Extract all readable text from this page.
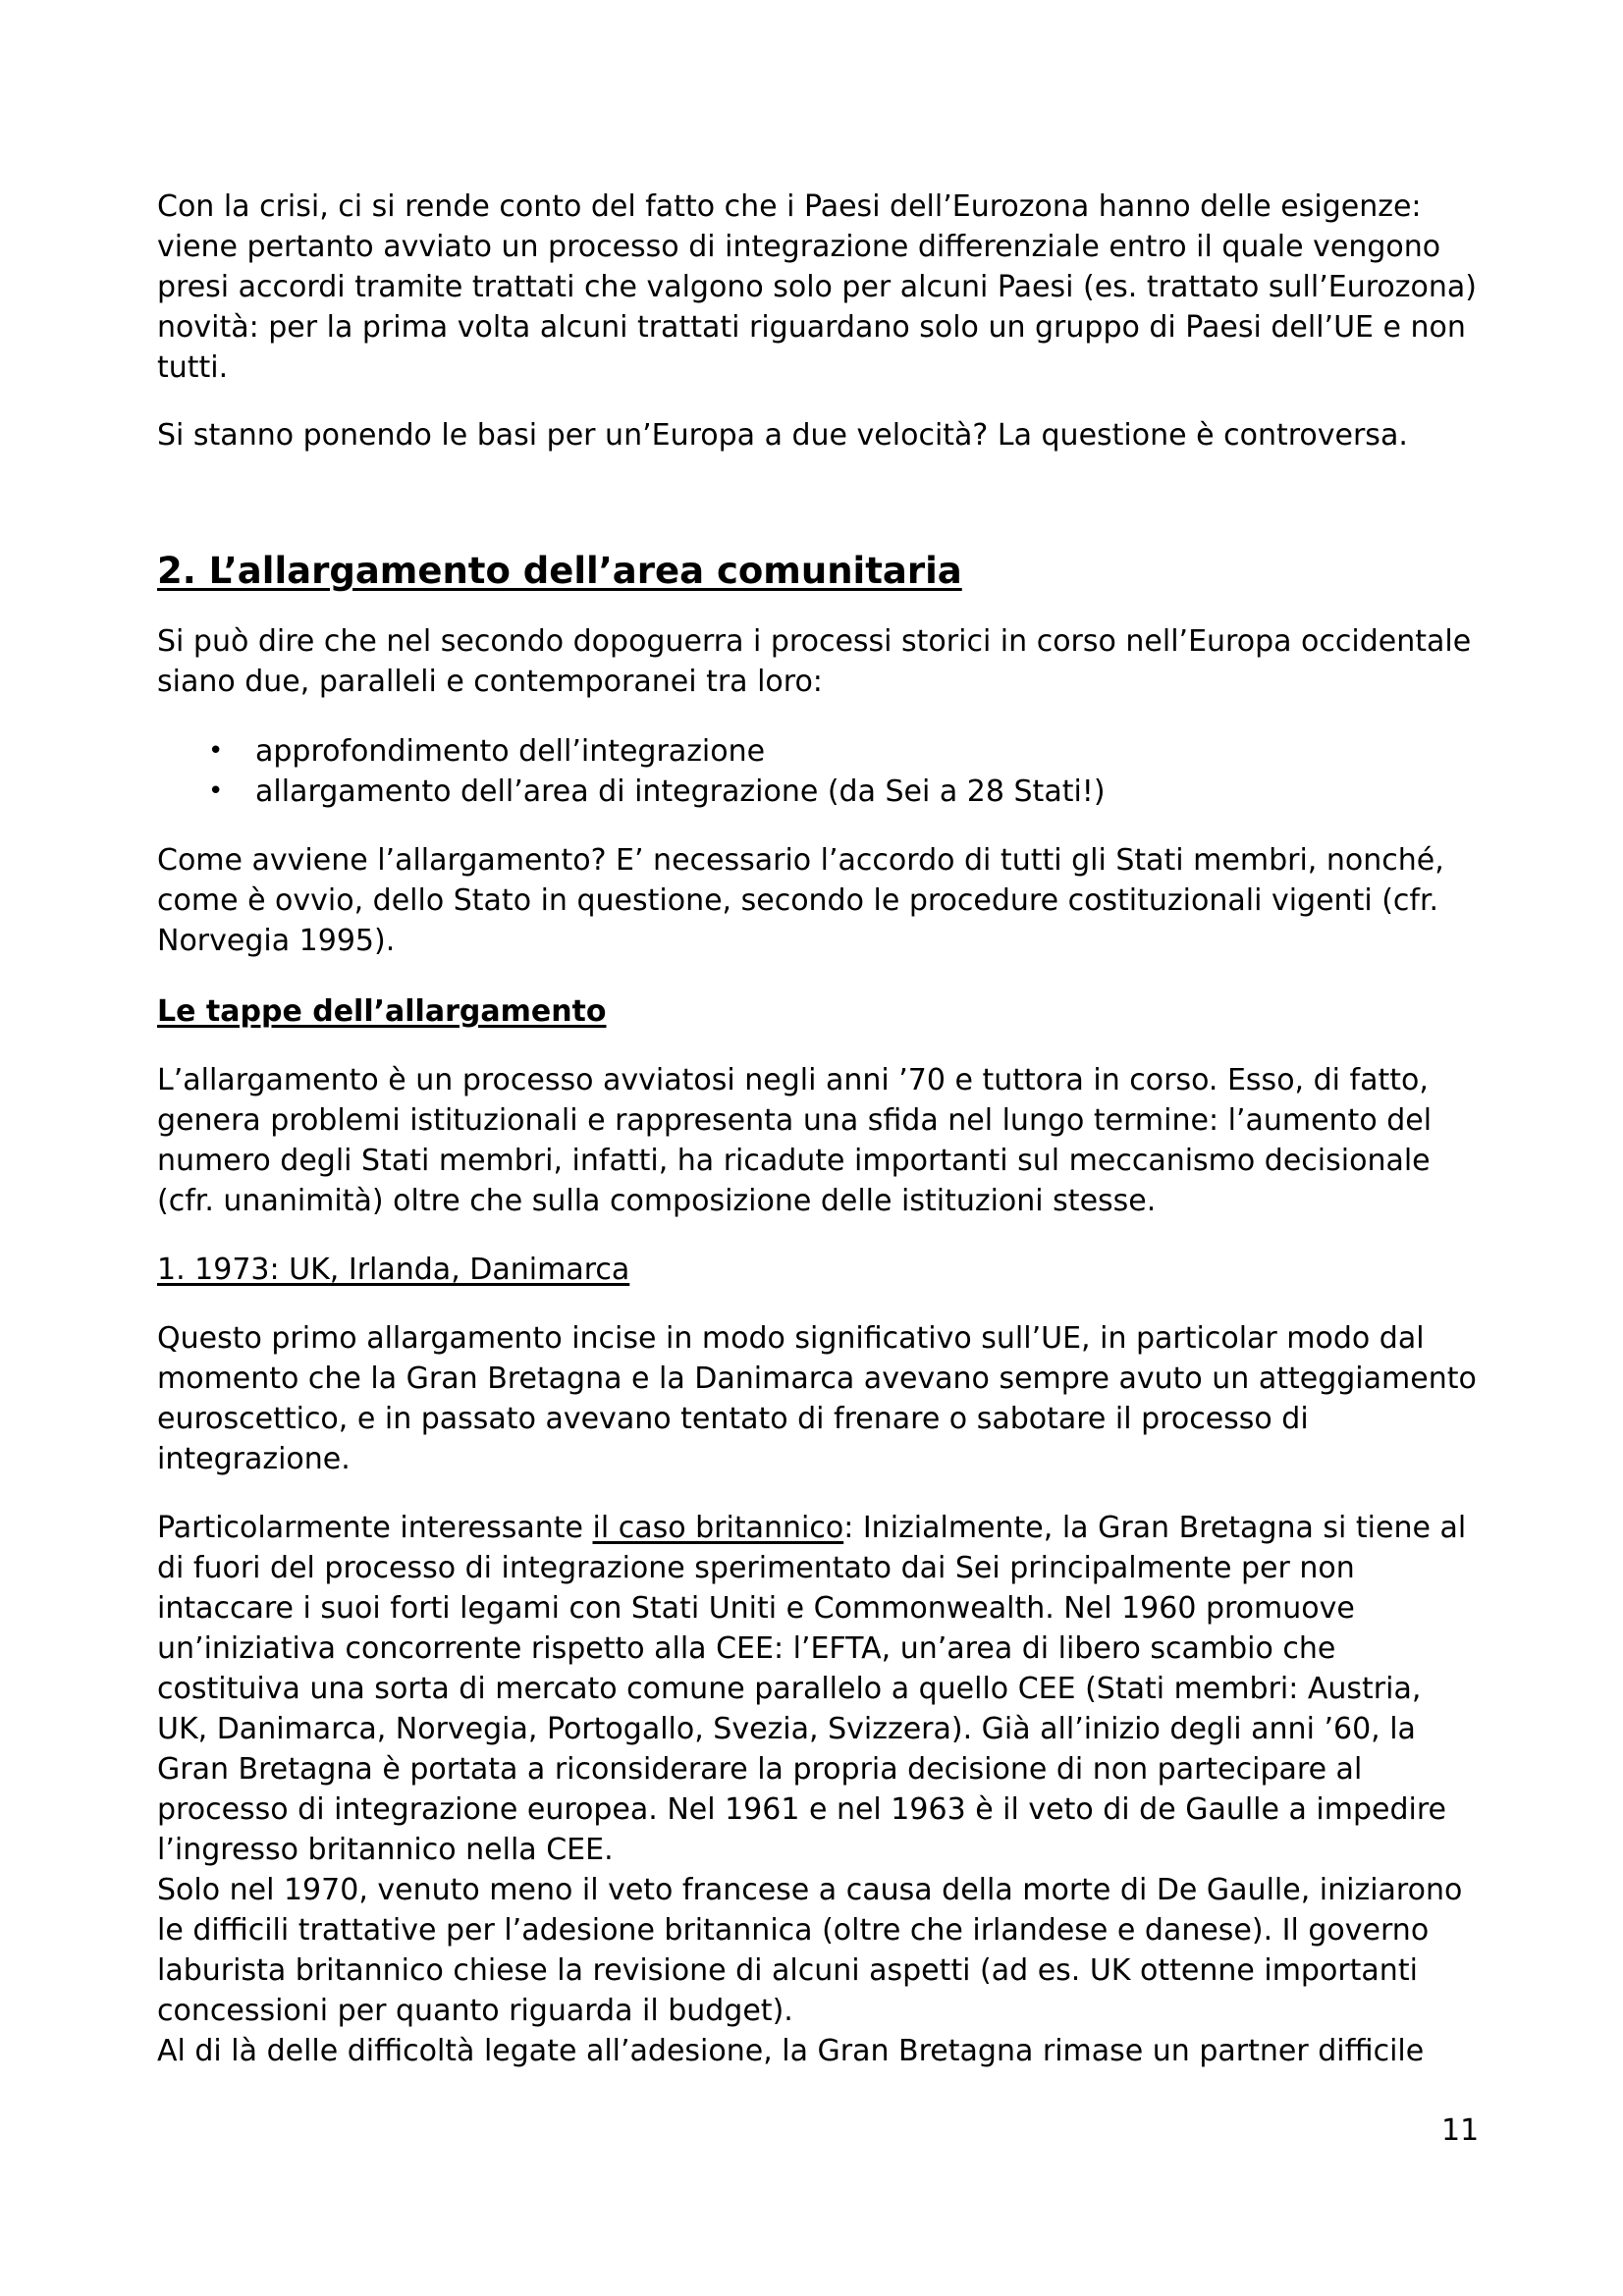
Con la crisi, ci si rende conto del fatto che i Paesi dell’Eurozona hanno delle esigenze: viene pertanto avviato un processo di integrazione differenziale entro il quale vengono presi accordi tramite trattati che valgono solo per alcuni Paesi (es. trattato sull’Eurozona) novità: per la prima volta alcuni trattati riguardano solo un gruppo di Paesi dell’UE e non tutti.

Si stanno ponendo le basi per un’Europa a due velocità? La questione è controversa.

2. L’allargamento dell’area comunitaria

Si può dire che nel secondo dopoguerra i processi storici in corso nell’Europa occidentale siano due, paralleli e contemporanei tra loro:

• approfondimento dell’integrazione
• allargamento dell’area di integrazione (da Sei a 28 Stati!)

Come avviene l’allargamento? E’ necessario l’accordo di tutti gli Stati membri, nonché, come è ovvio, dello Stato in questione, secondo le procedure costituzionali vigenti (cfr. Norvegia 1995).

Le tappe dell’allargamento

L’allargamento è un processo avviatosi negli anni ’70 e tuttora in corso. Esso, di fatto, genera problemi istituzionali e rappresenta una sfida nel lungo termine: l’aumento del numero degli Stati membri, infatti, ha ricadute importanti sul meccanismo decisionale (cfr. unanimità) oltre che sulla composizione delle istituzioni stesse.

1. 1973: UK, Irlanda, Danimarca

Questo primo allargamento incise in modo significativo sull’UE, in particolar modo dal momento che la Gran Bretagna e la Danimarca avevano sempre avuto un atteggiamento euroscettico, e in passato avevano tentato di frenare o sabotare il processo di integrazione.

Particolarmente interessante il caso britannico: Inizialmente, la Gran Bretagna si tiene al di fuori del processo di integrazione sperimentato dai Sei principalmente per non intaccare i suoi forti legami con Stati Uniti e Commonwealth. Nel 1960 promuove un’iniziativa concorrente rispetto alla CEE: l’EFTA, un’area di libero scambio che costituiva una sorta di mercato comune parallelo a quello CEE (Stati membri: Austria, UK, Danimarca, Norvegia, Portogallo, Svezia, Svizzera). Già all’inizio degli anni ’60, la Gran Bretagna è portata a riconsiderare la propria decisione di non partecipare al processo di integrazione europea. Nel 1961 e nel 1963 è il veto di de Gaulle a impedire l’ingresso britannico nella CEE.

Solo nel 1970, venuto meno il veto francese a causa della morte di De Gaulle, iniziarono le difficili trattative per l’adesione britannica (oltre che irlandese e danese). Il governo laburista britannico chiese la revisione di alcuni aspetti (ad es. UK ottenne importanti concessioni per quanto riguarda il budget).

Al di là delle difficoltà legate all’adesione, la Gran Bretagna rimase un partner difficile

11
